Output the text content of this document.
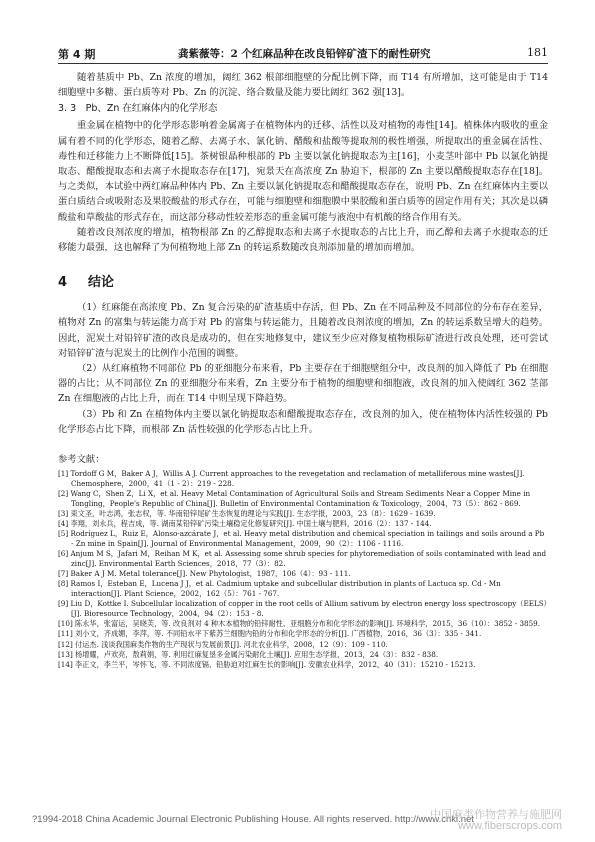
第 4 期	龚紫薇等：2 个红麻品种在改良铅锌矿渣下的耐性研究	181

随着基质中 Pb、Zn 浓度的增加，阔红 362 根部细胞壁的分配比例下降，而 T14 有所增加，这可能是由于 T14 细胞壁中多糖、蛋白质等对 Pb、Zn 的沉淀、络合数量及能力要比阔红 362 强[13]。

3. 3　Pb、Zn 在红麻体内的化学形态

重金属在植物中的化学形态影响着金属离子在植物体内的迁移、活性以及对植物的毒性[14]。植株体内吸收的重金属有着不同的化学形态，随着乙醇、去离子水、氯化钠、醋酸和盐酸等提取剂的极性增强，所提取出的重金属在活性、毒性和迁移能力上不断降低[15]。茶树银晶种根部的 Pb 主要以氯化钠提取态为主[16]，小麦茎叶部中 Pb 以氯化钠提取态、醋酸提取态和去离子水提取态存在[17]，宛景天在高浓度 Zn 胁迫下，根部的 Zn 主要以醋酸提取态存在[18]。与之类似，本试验中两红麻品种体内 Pb、Zn 主要以氯化钠提取态和醋酸提取态存在，说明 Pb、Zn 在红麻体内主要以蛋白质结合或吸附态及果胶酸盐的形式存在，可能与细胞壁和细胞膜中果胶酸和蛋白质等的固定作用有关；其次是以磷酸盐和草酸盐的形式存在，而这部分移动性较差形态的重金属可能与液泡中有机酸的络合作用有关。

随着改良剂浓度的增加，植物根部 Zn 的乙醇提取态和去离子水提取态的占比上升，而乙醇和去离子水提取态的迁移能力最强，这也解释了为何植物地上部 Zn 的转运系数随改良剂添加量的增加而增加。

4 结论

（1）红麻能在高浓度 Pb、Zn 复合污染的矿渣基质中存活，但 Pb、Zn 在不同品种及不同部位的分布存在差异，植物对 Zn 的富集与转运能力高于对 Pb 的富集与转运能力，且随着改良剂浓度的增加，Zn 的转运系数呈增大的趋势。因此，泥炭土对铅锌矿渣的改良是成功的，但在实地修复中，建议至少应对修复植物根际矿渣进行改良处理，还可尝试对铅锌矿渣与泥炭土的比例作小范围的调整。

（2）从红麻植物不同部位 Pb 的亚细胞分布来看，Pb 主要存在于细胞壁组分中，改良剂的加入降低了 Pb 在细胞器的占比；从不同部位 Zn 的亚细胞分布来看，Zn 主要分布于植物的细胞壁和细胞液，改良剂的加入使阔红 362 茎部 Zn 在细胞液的占比上升，而在 T14 中则呈现下降趋势。

（3）Pb 和 Zn 在植物体内主要以氯化钠提取态和醋酸提取态存在，改良剂的加入，使在植物体内活性较强的 Pb 化学形态占比下降，而根部 Zn 活性较强的化学形态占比上升。

参考文献：
[1] Tordoff G M，Baker A J，Willis A J. Current approaches to the revegetation and reclamation of metalliferous mine wastes[J]. Chemosphere，2000，41（1 - 2）：219 - 228.
[2] Wang C，Shen Z，Li X，et al. Heavy Metal Contamination of Agricultural Soils and Stream Sediments Near a Copper Mine in Tongling，People's Republic of China[J]. Bulletin of Environmental Contamination & Toxicology，2004，73（5）：862 - 869.
[3] 束文圣，叶志鸿，张志权，等. 华南铅锌尾矿生态恢复的理论与实践[J]. 生态学报，2003，23（8）：1629 - 1639.
[4] 李翔，刘永兵，程吉成，等. 湖南某铅锌矿污染土壤稳定化修复研究[J]. 中国土壤与肥料，2016（2）：137 - 144.
[5] Rodríguez L，Ruiz E，Alonso-azcárate J，et al. Heavy metal distribution and chemical speciation in tailings and soils around a Pb - Zn mine in Spain[J]. Journal of Environmental Management，2009，90（2）：1106 - 1116.
[6] Anjum M S，Jafari M，Reihan M K，et al. Assessing some shrub species for phytoremediation of soils contaminated with lead and zinc[J]. Environmental Earth Sciences，2018，77（3）：82.
[7] Baker A J M. Metal tolerance[J]. New Phytologist，1987，106（4）：93 - 111.
[8] Ramos I，Esteban E，Lucena J J，et al. Cadmium uptake and subcellular distribution in plants of Lactuca sp. Cd - Mn interaction[J]. Plant Science，2002，162（5）：761 - 767.
[9] Liu D，Kottke I. Subcellular localization of copper in the root cells of Allium sativum by electron energy loss spectroscopy（EELS）[J]. Bioresource Technology，2004，94（2）：153 - 8.
[10] 陈永华，张富运，吴晓芙，等. 改良剂对 4 种木本植物的铅锌耐性、亚细胞分布和化学形态的影响[J]. 环境科学，2015，36（10）：3852 - 3859.
[11] 刘小文，齐成媚，李萍，等. 不同铅水平下紫苏兰细胞内铅的分布和化学形态的分析[J]. 广西植物，2016，36（3）：335 - 341.
[12] 付运杰. 浅谈我国麻类作物的生产现状与发展前景[J]. 河北农业科学，2008，12（9）：109 - 110.
[13] 杨增耀，卢欢亮，敖莉娟，等. 利用红麻复垦多金属污染耐化土壤[J]. 应用生态学报，2013，24（3）：832 - 838.
[14] 李正文，李兰平，岑怀飞，等. 不同浓度镉、铅胁迫对红麻生长的影响[J]. 安徽农业科学，2012，40（31）：15210 - 15213.
?1994-2018 China Academic Journal Electronic Publishing House. All rights reserved. http://www.cnki.net
中国麻类作物营养与施肥网
www.fiberscrops.com
